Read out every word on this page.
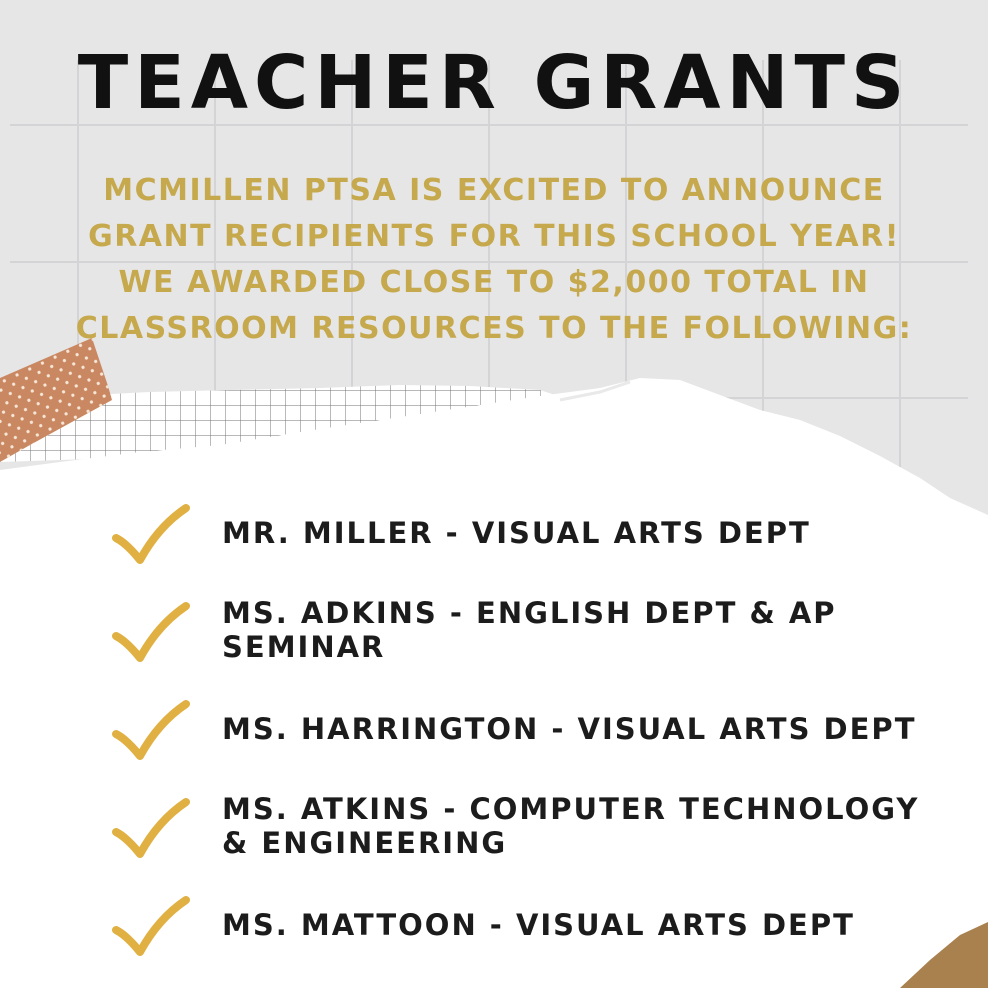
TEACHER GRANTS
MCMILLEN PTSA IS EXCITED TO ANNOUNCE
GRANT RECIPIENTS FOR THIS SCHOOL YEAR!
WE AWARDED CLOSE TO $2,000 TOTAL IN
CLASSROOM RESOURCES TO THE FOLLOWING:
MR. MILLER - VISUAL ARTS DEPT
MS. ADKINS - ENGLISH DEPT & AP SEMINAR
MS. HARRINGTON - VISUAL ARTS DEPT
MS. ATKINS - COMPUTER TECHNOLOGY & ENGINEERING
MS. MATTOON - VISUAL ARTS DEPT
